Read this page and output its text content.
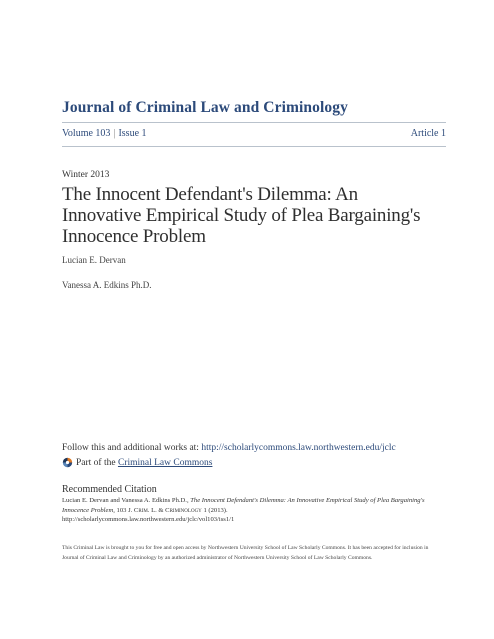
Journal of Criminal Law and Criminology
Volume 103 | Issue 1	Article 1
Winter 2013
The Innocent Defendant's Dilemma: An
Innovative Empirical Study of Plea Bargaining's
Innocence Problem
Lucian E. Dervan
Vanessa A. Edkins Ph.D.
Follow this and additional works at: http://scholarlycommons.law.northwestern.edu/jclc
Part of the
Criminal Law Commons
Recommended Citation
Lucian E. Dervan and Vanessa A. Edkins Ph.D., The Innocent Defendant's Dilemma: An Innovative Empirical Study of Plea Bargaining's Innocence Problem, 103 J. Crim. L. & Criminology 1 (2013).
http://scholarlycommons.law.northwestern.edu/jclc/vol103/iss1/1
This Criminal Law is brought to you for free and open access by Northwestern University School of Law Scholarly Commons. It has been accepted for inclusion in Journal of Criminal Law and Criminology by an authorized administrator of Northwestern University School of Law Scholarly Commons.
